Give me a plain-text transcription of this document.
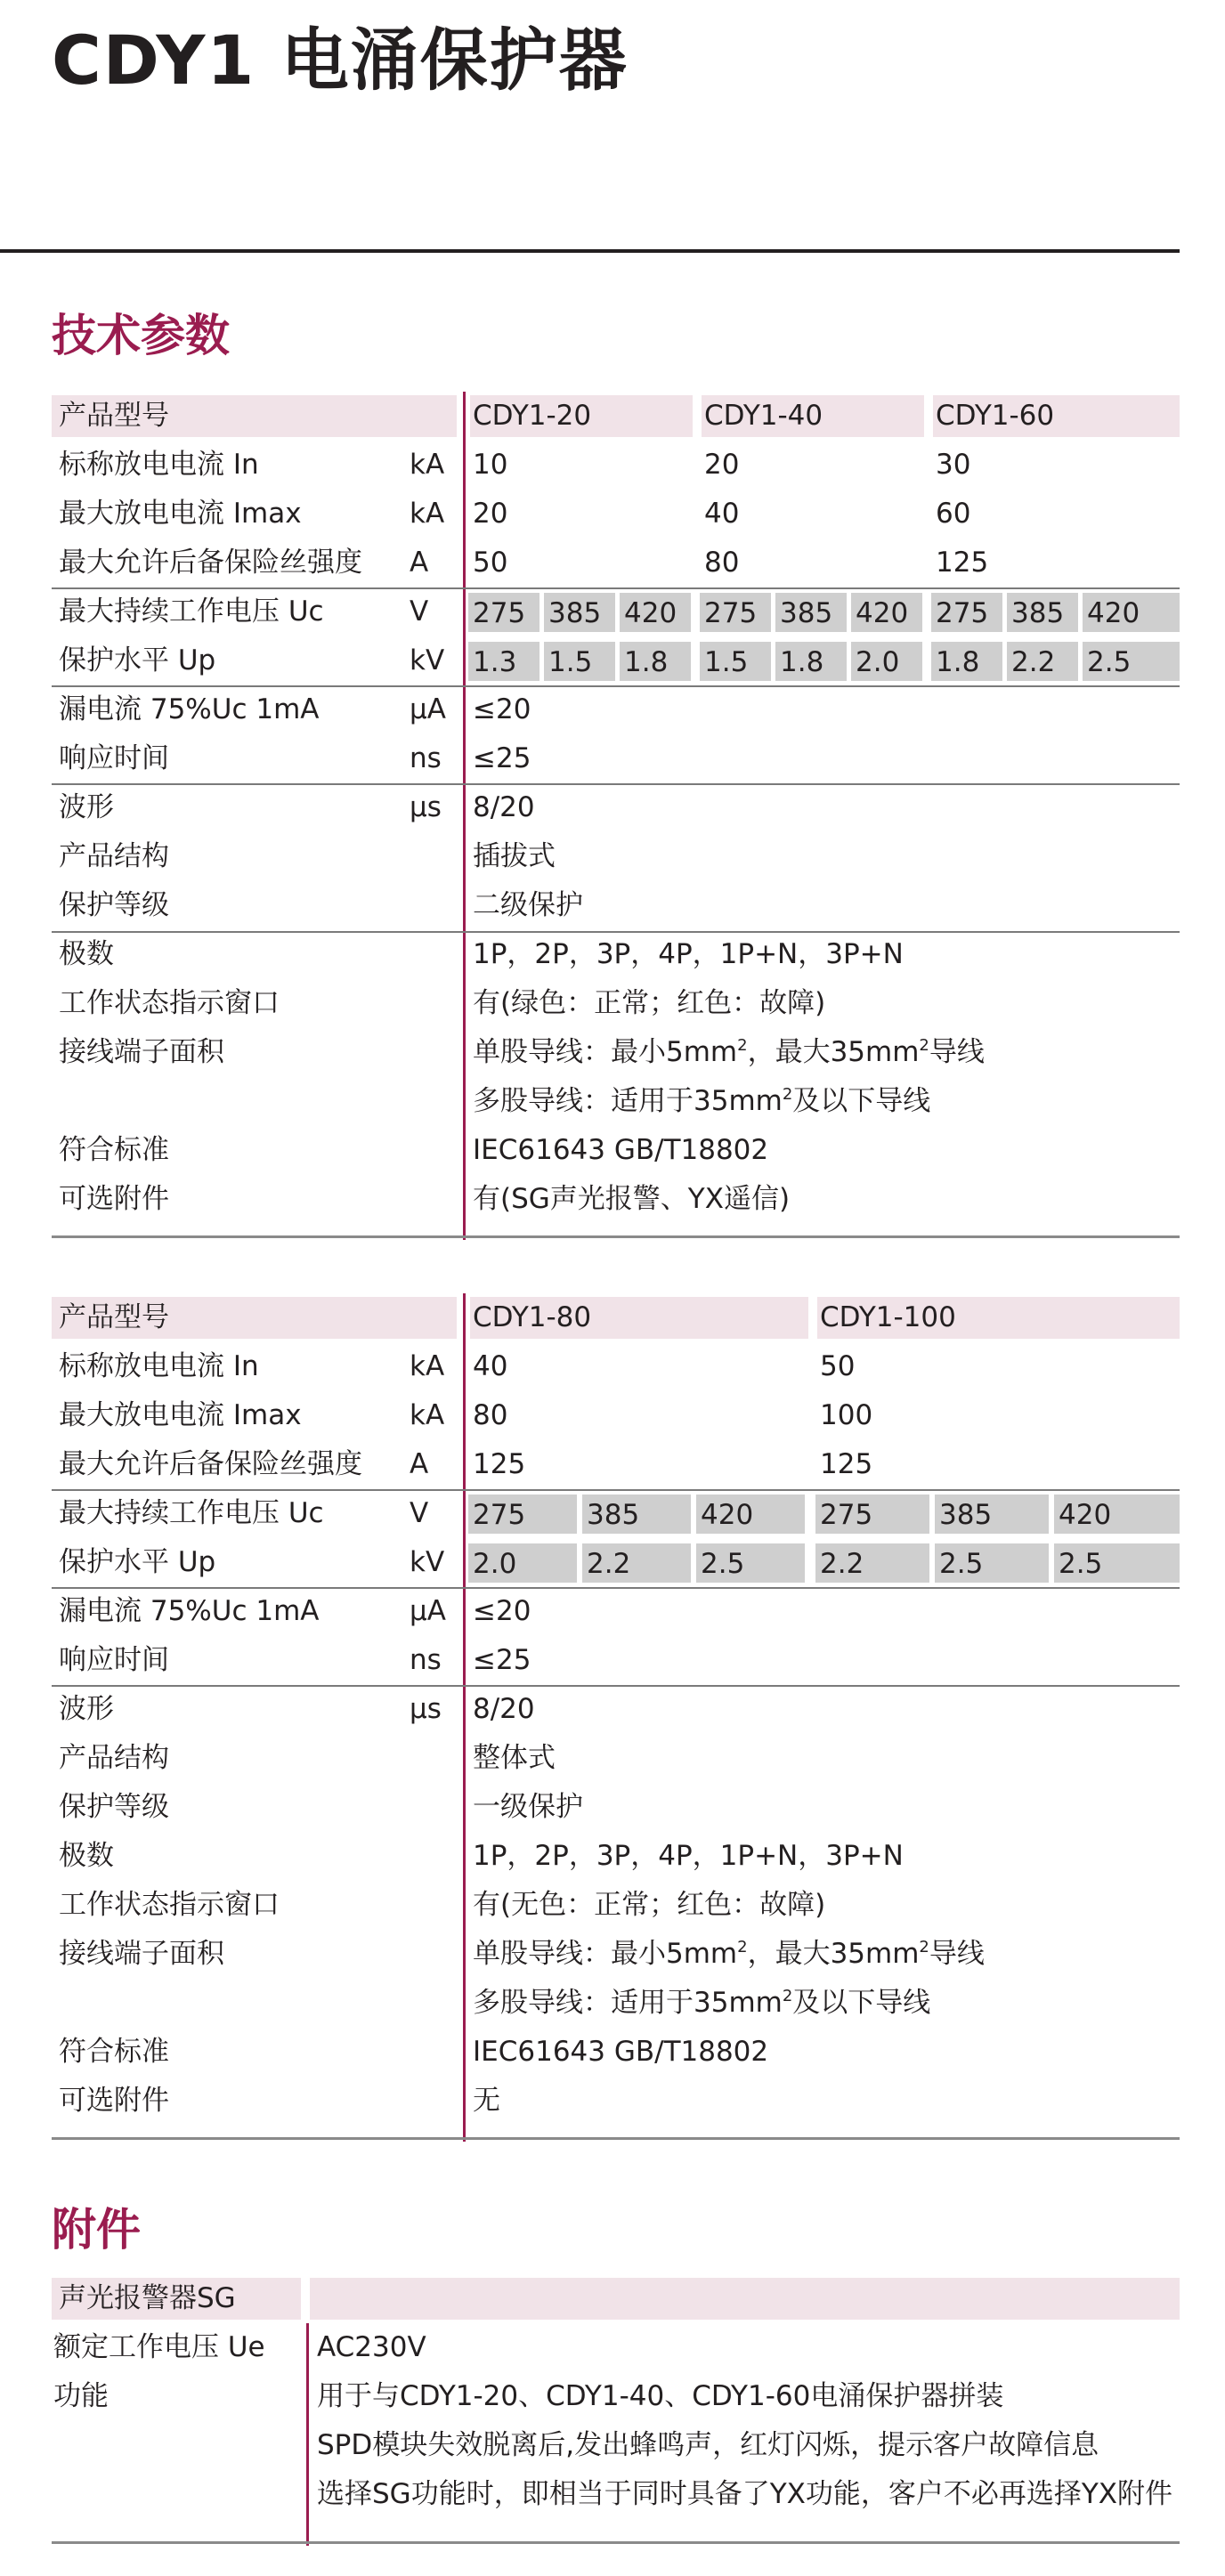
CDY1 电涌保护器
技术参数
产品型号	CDY1-20	CDY1-40	CDY1-60
标称放电电流 In	kA 10	20	30
最大放电电流 Imax	kA 20	40	60
最大允许后备保险丝强度 A 50	80	125
最大持续工作电压 Uc	V 275 385 420 275 385 420 275 385 420
保护水平 Up	kV 1.3 1.5 1.8 1.5 1.8 2.0 1.8 2.2 2.5
漏电流 75%Uc 1mA	μA ≤20
响应时间	ns ≤25
波形	μs 8/20
产品结构	插拔式
保护等级	二级保护
极数	1P，2P，3P，4P，1P+N，3P+N
工作状态指示窗口	有(绿色：正常；红色：故障)
接线端子面积	单股导线：最小$5mm^2$，最大$35mm^2$导线
多股导线：适用于$35mm^2$及以下导线
符合标准	IEC61643 GB/T18802
可选附件	有(SG声光报警、YX遥信)
产品型号	CDY1-80	CDY1-100
标称放电电流 In	kA 40	50
最大放电电流 Imax	kA 80	100
最大允许后备保险丝强度 A 125	125
最大持续工作电压 Uc	V 275 385 420 275 385 420
保护水平 Up	kV 2.0	2.2	2.5	2.2	2.5	2.5
漏电流 75%Uc 1mA	μA ≤20
响应时间	ns ≤25
波形	μs 8/20
产品结构	整体式
保护等级	一级保护
极数	1P，2P，3P，4P，1P+N，3P+N
工作状态指示窗口	有(无色：正常；红色：故障)
接线端子面积	单股导线：最小$5mm^2$，最大$35mm^2$导线
多股导线：适用于$35mm^2$及以下导线
符合标准	IEC61643 GB/T18802
可选附件	无
附件
声光报警器SG
额定工作电压 Ue AC230V
功能	用于与CDY1-20、CDY1-40、CDY1-60电涌保护器拼装
SPD模块失效脱离后,发出蜂鸣声，红灯闪烁，提示客户故障信息
选择SG功能时，即相当于同时具备了YX功能，客户不必再选择YX附件
